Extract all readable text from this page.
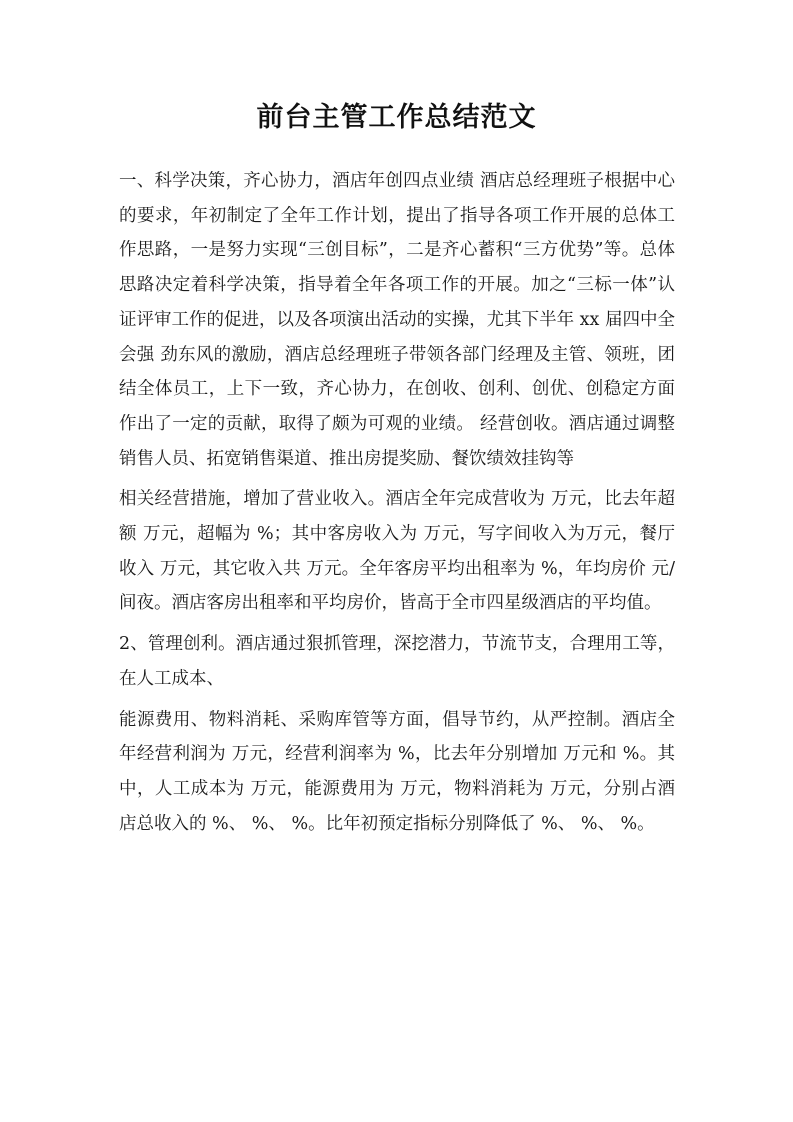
前台主管工作总结范文

一、科学决策，齐心协力，酒店年创四点业绩 酒店总经理班子根据中心的要求，年初制定了全年工作计划，提出了指导各项工作开展的总体工作思路，一是努力实现“三创目标”，二是齐心蓄积“三方优势”等。总体思路决定着科学决策，指导着全年各项工作的开展。加之“三标一体”认证评审工作的促进，以及各项演出活动的实操，尤其下半年 xx 届四中全会强 劲东风的激励，酒店总经理班子带领各部门经理及主管、领班，团结全体员工，上下一致，齐心协力，在创收、创利、创优、创稳定方面作出了一定的贡献，取得了颇为可观的业绩。 经营创收。酒店通过调整销售人员、拓宽销售渠道、推出房提奖励、餐饮绩效挂钩等

相关经营措施，增加了营业收入。酒店全年完成营收为 万元，比去年超额 万元，超幅为 %；其中客房收入为 万元，写字间收入为万元，餐厅收入 万元，其它收入共 万元。全年客房平均出租率为 %，年均房价 元/间夜。酒店客房出租率和平均房价，皆高于全市四星级酒店的平均值。

2、管理创利。酒店通过狠抓管理，深挖潜力，节流节支，合理用工等，在人工成本、

能源费用、物料消耗、采购库管等方面，倡导节约，从严控制。酒店全年经营利润为 万元，经营利润率为 %，比去年分别增加 万元和 %。其中，人工成本为 万元，能源费用为 万元，物料消耗为 万元，分别占酒店总收入的 %、 %、 %。比年初预定指标分别降低了 %、 %、 %。
